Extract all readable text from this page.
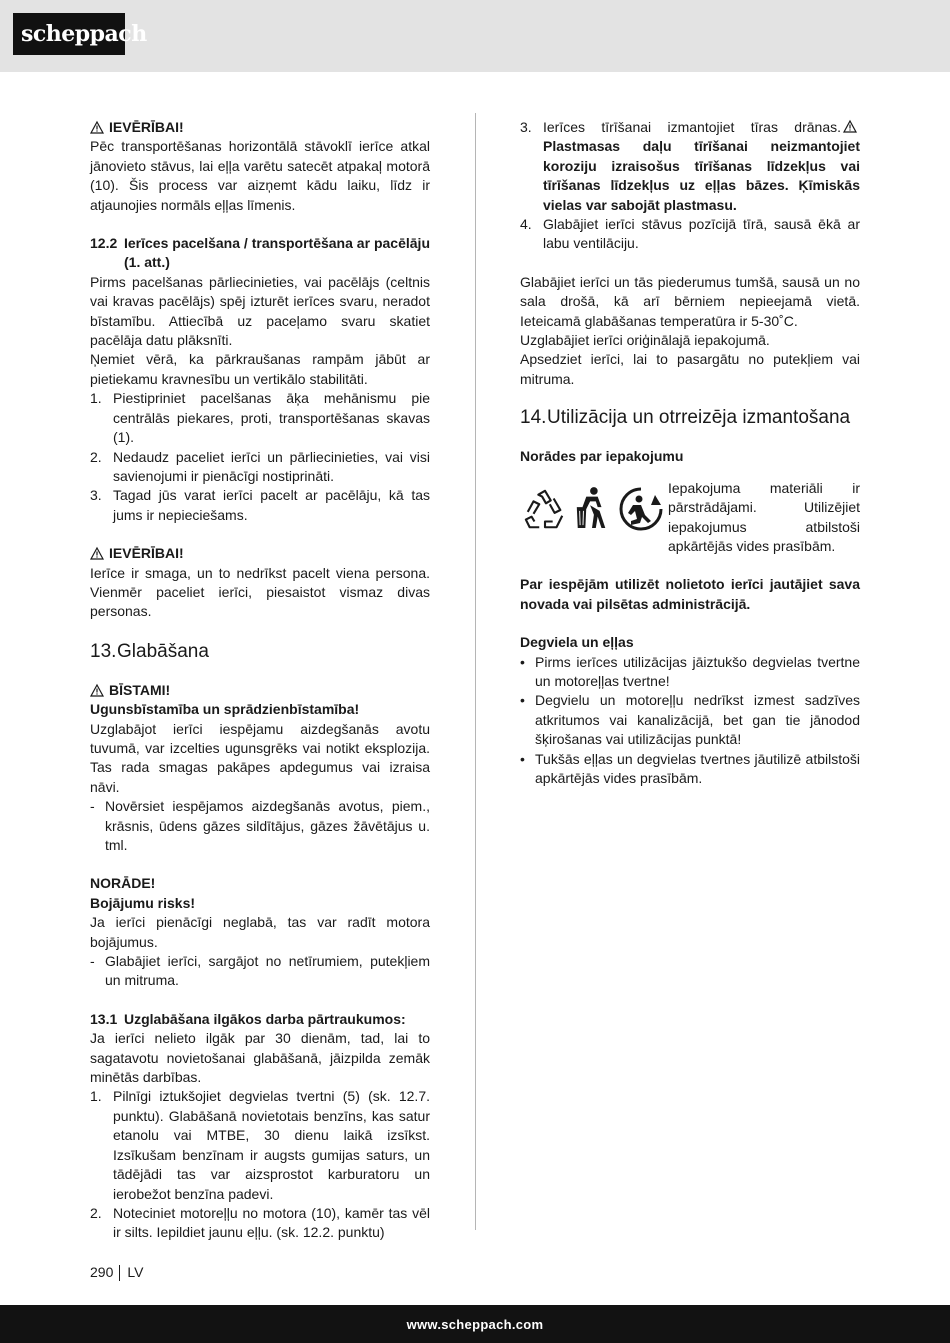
scheppach
IEVĒRĪBAI!

Pēc transportēšanas horizontālā stāvoklī ierīce atkal jānovieto stāvus, lai eļļa varētu satecēt atpakaļ motorā (10). Šis process var aizņemt kādu laiku, līdz ir atjaunojies normāls eļļas līmenis.

12.2 Ierīces pacelšana / transportēšana ar pacēlāju (1. att.)

Pirms pacelšanas pārliecinieties, vai pacēlājs (celtnis vai kravas pacēlājs) spēj izturēt ierīces svaru, neradot bīstamību. Attiecībā uz paceļamo svaru skatiet pacēlāja datu plāksnīti.

Ņemiet vērā, ka pārkraušanas rampām jābūt ar pietiekamu kravnesību un vertikālo stabilitāti.

1. Piestipriniet pacelšanas āķa mehānismu pie centrālās piekares, proti, transportēšanas skavas (1).
2. Nedaudz paceliet ierīci un pārliecinieties, vai visi savienojumi ir pienācīgi nostiprināti.
3. Tagad jūs varat ierīci pacelt ar pacēlāju, kā tas jums ir nepieciešams.
IEVĒRĪBAI!

Ierīce ir smaga, un to nedrīkst pacelt viena persona. Vienmēr paceliet ierīci, piesaistot vismaz divas personas.

13. Glabāšana
BĪSTAMI!

Ugunsbīstamība un sprādzienbīstamība!

Uzglabājot ierīci iespējamu aizdegšanās avotu tuvumā, var izcelties ugunsgrēks vai notikt eksplozija. Tas rada smagas pakāpes apdegumus vai izraisa nāvi.

- Novērsiet iespējamos aizdegšanās avotus, piem., krāsnis, ūdens gāzes sildītājus, gāzes žāvētājus u. tml.

NORĀDE!

Bojājumu risks!

Ja ierīci pienācīgi neglabā, tas var radīt motora bojājumus.

- Glabājiet ierīci, sargājot no netīrumiem, putekļiem un mitruma.
13.1 Uzglabāšana ilgākos darba pārtraukumos:

Ja ierīci nelieto ilgāk par 30 dienām, tad, lai to sagatavotu novietošanai glabāšanā, jāizpilda zemāk minētās darbības.

1. Pilnīgi iztukšojiet degvielas tvertni (5) (sk. 12.7. punktu). Glabāšanā novietotais benzīns, kas satur etanolu vai MTBE, 30 dienu laikā izsīkst. Izsīkušam benzīnam ir augsts gumijas saturs, un tādējādi tas var aizsprostot karburatoru un ierobežot benzīna padevi.
2. Noteciniet motoreļļu no motora (10), kamēr tas vēl ir silts. Iepildiet jaunu eļļu. (sk. 12.2. punktu)
3. Ierīces tīrīšanai izmantojiet tīras drānas.Plastmasas daļu tīrīšanai neizmantojiet koroziju izraisošus tīrīšanas līdzekļus vai tīrīšanas līdzekļus uz eļļas bāzes. Ķīmiskās vielas var sabojāt plastmasu.
4. Glabājiet ierīci stāvus pozīcijā tīrā, sausā ēkā ar labu ventilāciju.

Glabājiet ierīci un tās piederumus tumšā, sausā un no sala drošā, kā arī bērniem nepieejamā vietā. Ieteicamā glabāšanas temperatūra ir 5-30˚C.

Uzglabājiet ierīci oriģinālajā iepakojumā.

Apsedziet ierīci, lai to pasargātu no putekļiem vai mitruma.

14. Utilizācija un otrreizēja izmantošana

Norādes par iepakojumu

Iepakojuma materiāli ir pārstrādājami. Utilizējiet iepakojumus atbilstoši apkārtējās vides prasībām.

Par iespējām utilizēt nolietoto ierīci jautājiet sava novada vai pilsētas administrācijā.

Degviela un eļļas

• Pirms ierīces utilizācijas jāiztukšo degvielas tvertne un motoreļļas tvertne!
• Degvielu un motoreļļu nedrīkst izmest sadzīves atkritumos vai kanalizācijā, bet gan tie jānodod šķirošanas vai utilizācijas punktā!
• Tukšās eļļas un degvielas tvertnes jāutilizē atbilstoši apkārtējās vides prasībām.
290 LV
www.scheppach.com
